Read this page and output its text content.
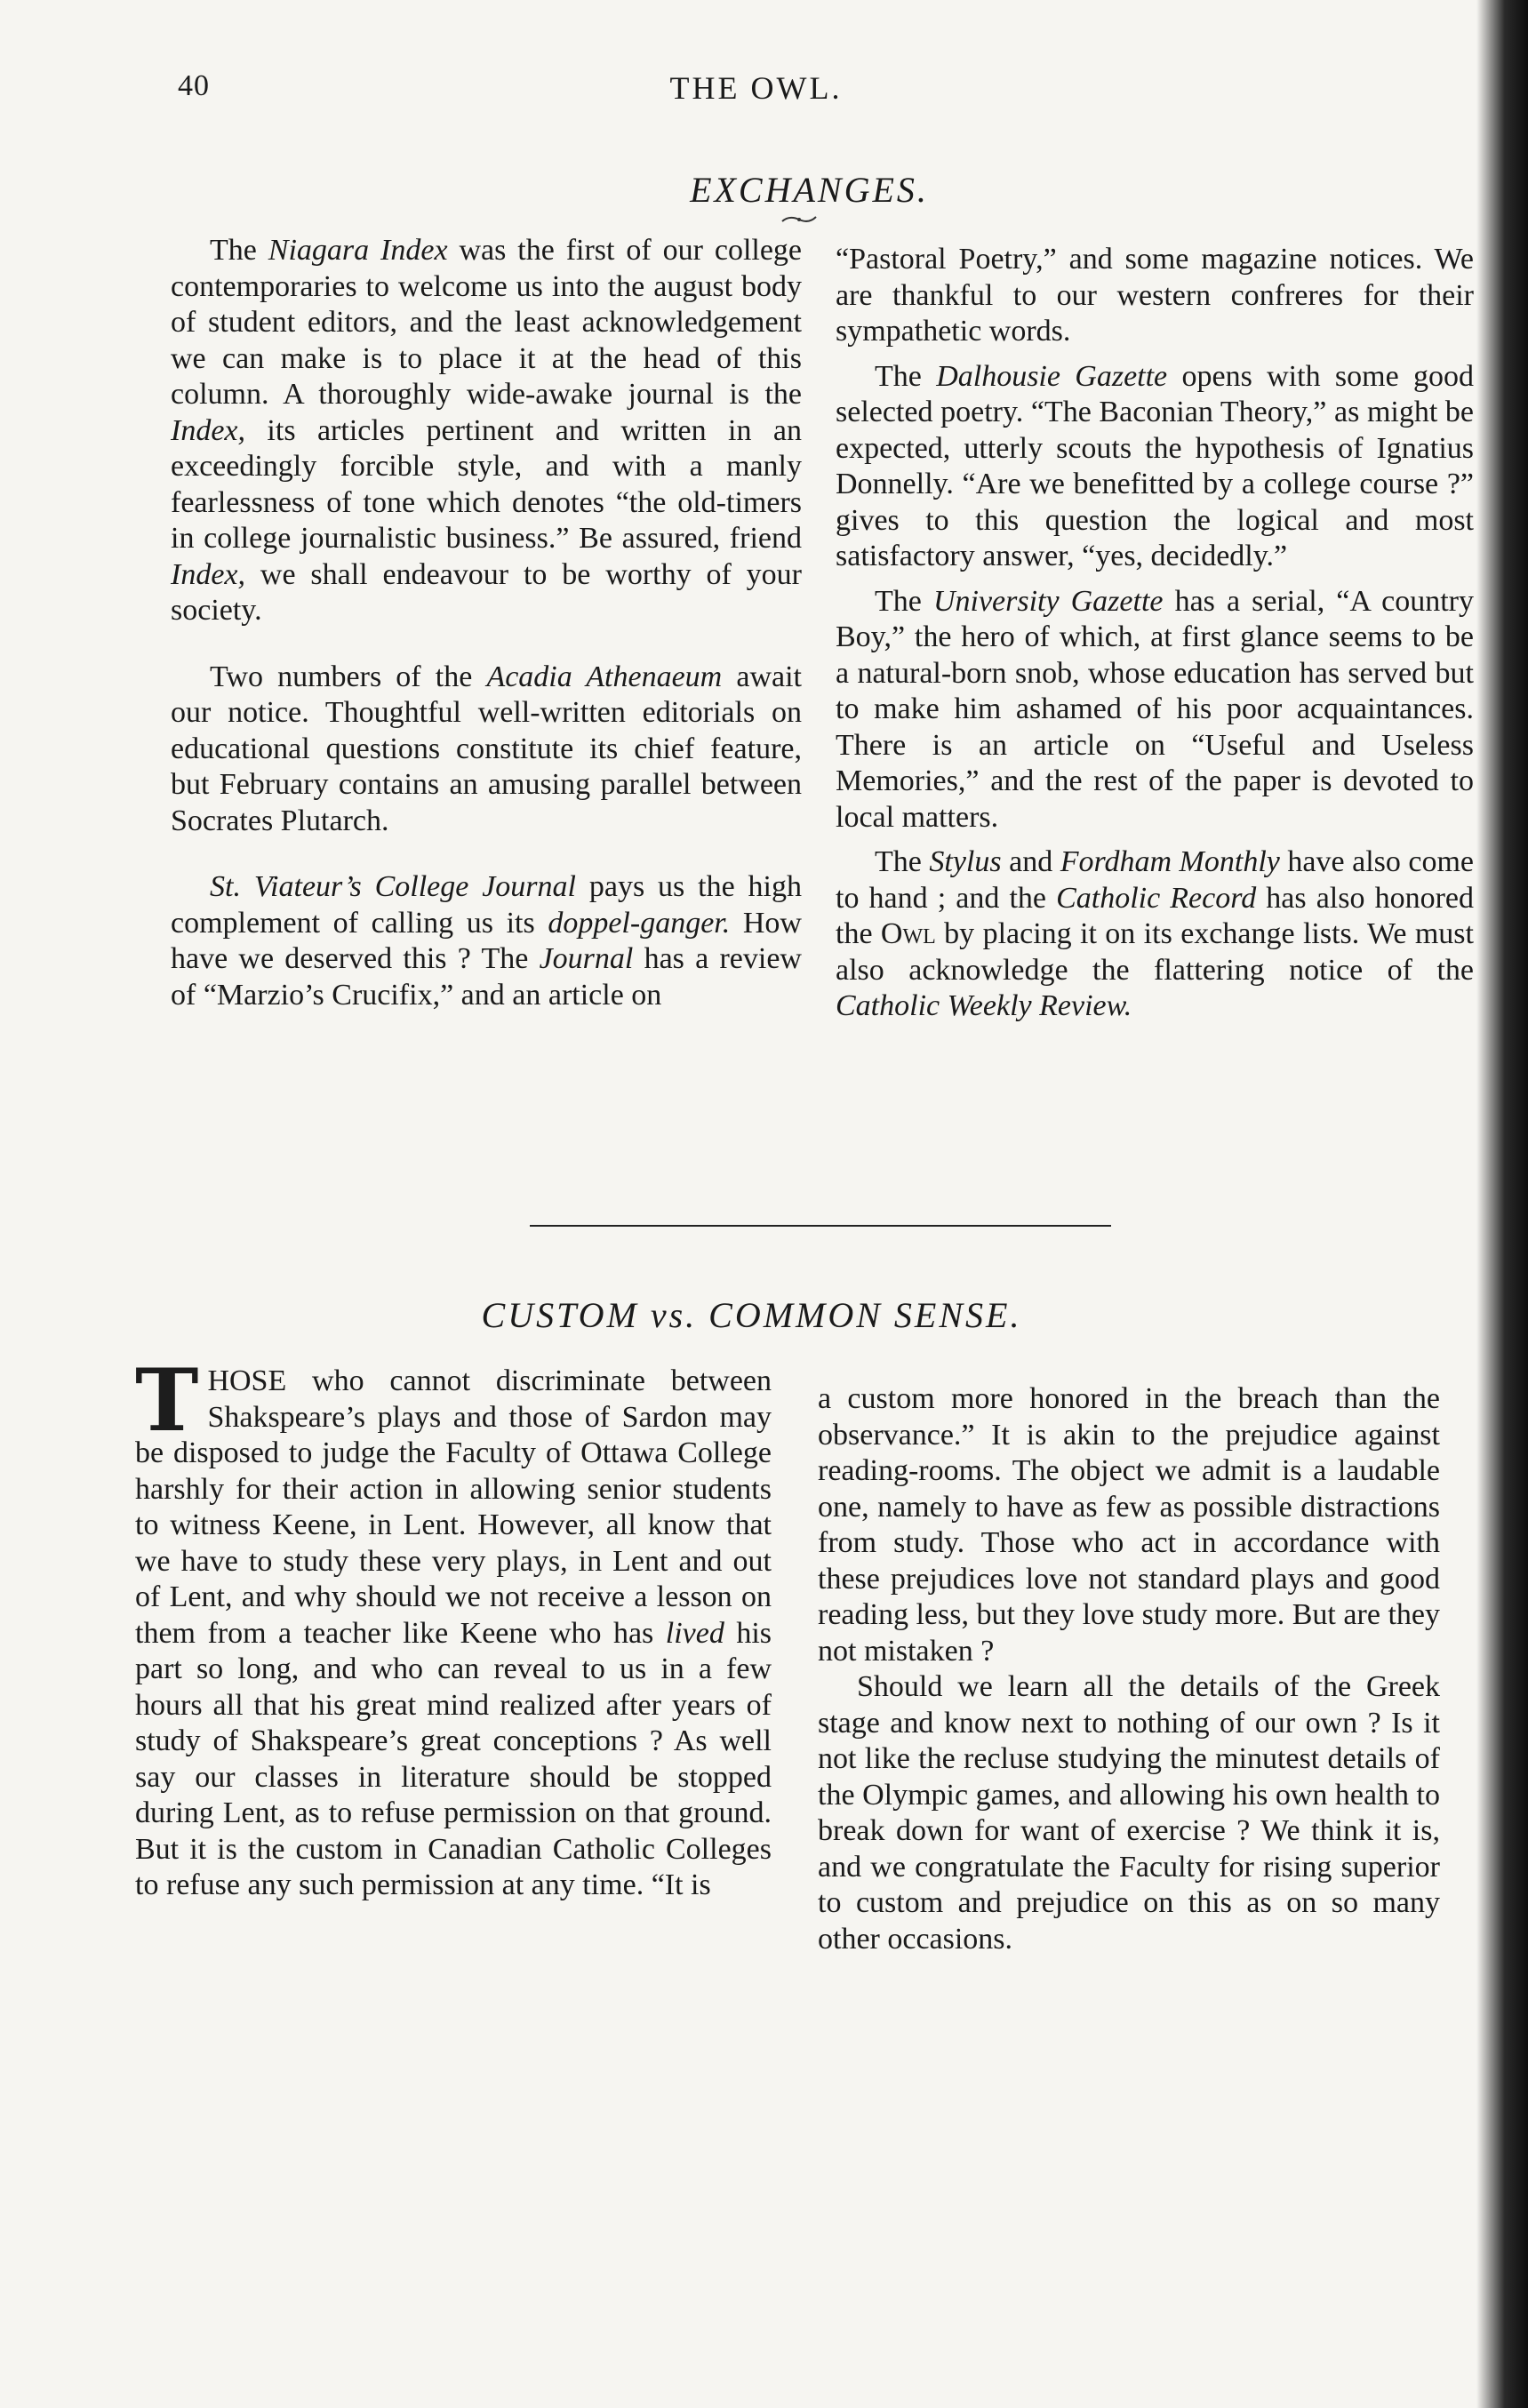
40	THE OWL.
EXCHANGES.

The Niagara Index was the first of our college contemporaries to welcome us into the august body of student editors, and the least acknowledgement we can make is to place it at the head of this column. A thoroughly wide-awake journal is the Index, its articles pertinent and written in an exceedingly forcible style, and with a manly fearlessness of tone which denotes “the old-timers in college journalistic business.” Be assured, friend Index, we shall endeavour to be worthy of your society.

Two numbers of the Acadia Athenaeum await our notice. Thoughtful well-written editorials on educational questions constitute its chief feature, but February contains an amusing parallel between Socrates Plutarch.

St. Viateur’s College Journal pays us the high complement of calling us its doppel-ganger. How have we deserved this ? The Journal has a review of “Marzio’s Crucifix,” and an article on

“Pastoral Poetry,” and some magazine notices. We are thankful to our western confreres for their sympathetic words.

The Dalhousie Gazette opens with some good selected poetry. “The Baconian Theory,” as might be expected, utterly scouts the hypothesis of Ignatius Donnelly. “Are we benefitted by a college course ?” gives to this question the logical and most satisfactory answer, “yes, decidedly.”

The University Gazette has a serial, “A country Boy,” the hero of which, at first glance seems to be a natural-born snob, whose education has served but to make him ashamed of his poor acquaintances. There is an article on “Useful and Useless Memories,” and the rest of the paper is devoted to local matters.

The Stylus and Fordham Monthly have also come to hand ; and the Catholic Record has also honored the Owl by placing it on its exchange lists. We must also acknowledge the flattering notice of the Catholic Weekly Review.

CUSTOM vs. COMMON SENSE.

THOSE who cannot discriminate between Shakspeare’s plays and those of Sardon may be disposed to judge the Faculty of Ottawa College harshly for their action in allowing senior students to witness Keene, in Lent. However, all know that we have to study these very plays, in Lent and out of Lent, and why should we not receive a lesson on them from a teacher like Keene who has lived his part so long, and who can reveal to us in a few hours all that his great mind realized after years of study of Shakspeare’s great conceptions ? As well say our classes in literature should be stopped during Lent, as to refuse permission on that ground. But it is the custom in Canadian Catholic Colleges to refuse any such permission at any time. “It is

a custom more honored in the breach than the observance.” It is akin to the prejudice against reading-rooms. The object we admit is a laudable one, namely to have as few as possible distractions from study. Those who act in accordance with these prejudices love not standard plays and good reading less, but they love study more. But are they not mistaken ?

Should we learn all the details of the Greek stage and know next to nothing of our own ? Is it not like the recluse studying the minutest details of the Olympic games, and allowing his own health to break down for want of exercise ? We think it is, and we congratulate the Faculty for rising superior to custom and prejudice on this as on so many other occasions.
